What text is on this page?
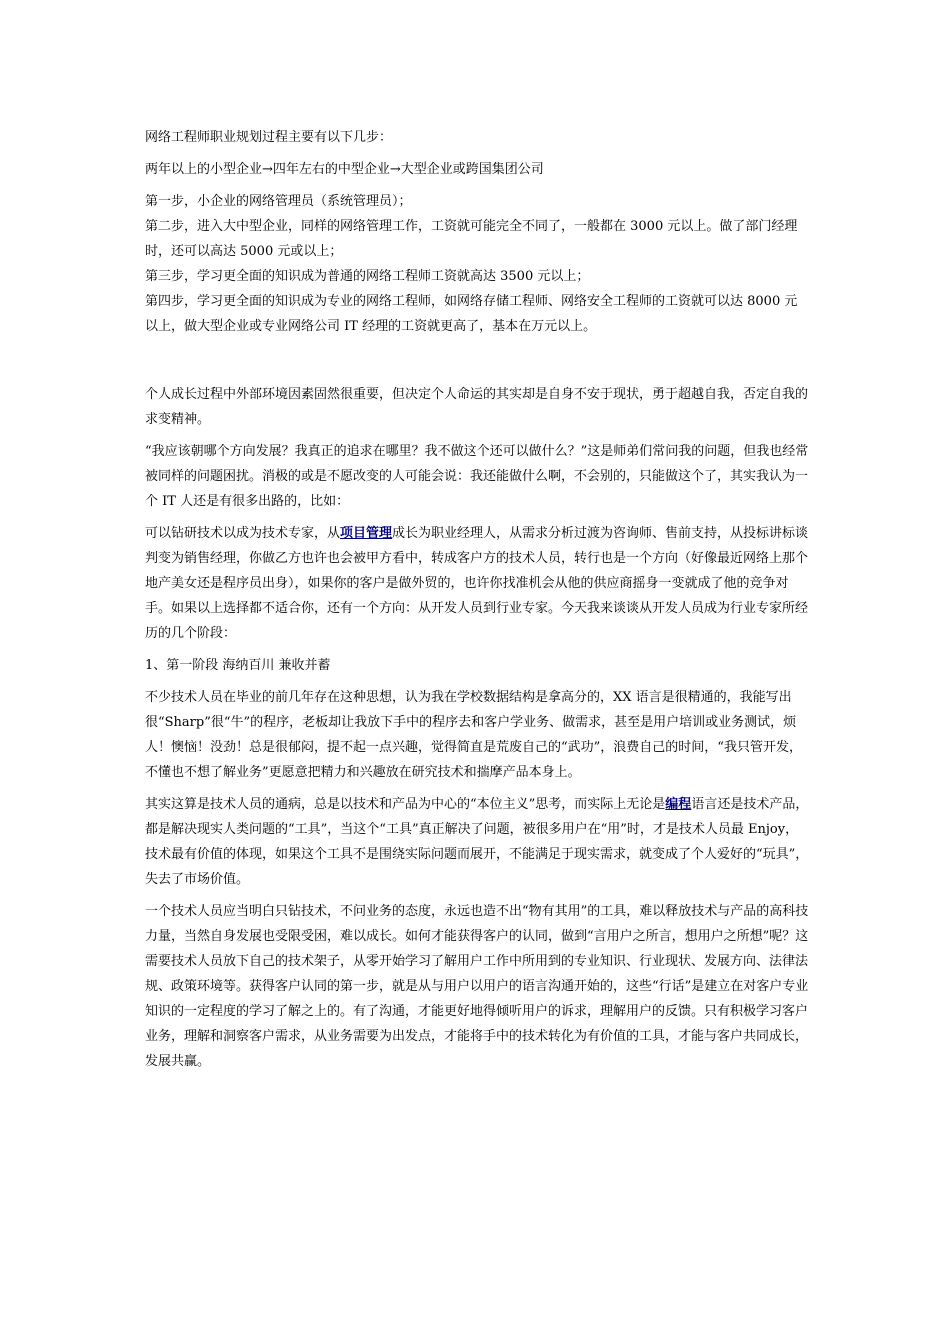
网络工程师职业规划过程主要有以下几步：

两年以上的小型企业→四年左右的中型企业→大型企业或跨国集团公司

第一步，小企业的网络管理员（系统管理员）；

第二步，进入大中型企业，同样的网络管理工作，工资就可能完全不同了，一般都在 3000 元以上。做了部门经理时，还可以高达 5000 元或以上；

第三步，学习更全面的知识成为普通的网络工程师工资就高达 3500 元以上；

第四步，学习更全面的知识成为专业的网络工程师，如网络存储工程师、网络安全工程师的工资就可以达 8000 元以上，做大型企业或专业网络公司 IT 经理的工资就更高了，基本在万元以上。

个人成长过程中外部环境因素固然很重要，但决定个人命运的其实却是自身不安于现状，勇于超越自我，否定自我的求变精神。

“我应该朝哪个方向发展？我真正的追求在哪里？我不做这个还可以做什么？”这是师弟们常问我的问题，但我也经常被同样的问题困扰。消极的或是不愿改变的人可能会说：我还能做什么啊，不会别的，只能做这个了，其实我认为一个 IT 人还是有很多出路的，比如：

可以钻研技术以成为技术专家，从项目管理成长为职业经理人，从需求分析过渡为咨询师、售前支持，从投标讲标谈判变为销售经理，你做乙方也许也会被甲方看中，转成客户方的技术人员，转行也是一个方向（好像最近网络上那个地产美女还是程序员出身），如果你的客户是做外贸的，也许你找准机会从他的供应商摇身一变就成了他的竞争对手。如果以上选择都不适合你，还有一个方向：从开发人员到行业专家。今天我来谈谈从开发人员成为行业专家所经历的几个阶段：

1、第一阶段 海纳百川 兼收并蓄

不少技术人员在毕业的前几年存在这种思想，认为我在学校数据结构是拿高分的，XX 语言是很精通的，我能写出很“Sharp”很“牛”的程序，老板却让我放下手中的程序去和客户学业务、做需求，甚至是用户培训或业务测试，烦人！懊恼！没劲！总是很郁闷，提不起一点兴趣，觉得简直是荒废自己的“武功”，浪费自己的时间，“我只管开发，不懂也不想了解业务”更愿意把精力和兴趣放在研究技术和揣摩产品本身上。

其实这算是技术人员的通病，总是以技术和产品为中心的“本位主义”思考，而实际上无论是编程语言还是技术产品，都是解决现实人类问题的“工具”，当这个“工具”真正解决了问题，被很多用户在“用”时，才是技术人员最 Enjoy，技术最有价值的体现，如果这个工具不是围绕实际问题而展开，不能满足于现实需求，就变成了个人爱好的“玩具”，失去了市场价值。

一个技术人员应当明白只钻技术，不问业务的态度，永远也造不出“物有其用”的工具，难以释放技术与产品的高科技力量，当然自身发展也受限受困，难以成长。如何才能获得客户的认同，做到“言用户之所言，想用户之所想”呢？这需要技术人员放下自己的技术架子，从零开始学习了解用户工作中所用到的专业知识、行业现状、发展方向、法律法规、政策环境等。获得客户认同的第一步，就是从与用户以用户的语言沟通开始的，这些“行话”是建立在对客户专业知识的一定程度的学习了解之上的。有了沟通，才能更好地得倾听用户的诉求，理解用户的反馈。只有积极学习客户业务，理解和洞察客户需求，从业务需要为出发点，才能将手中的技术转化为有价值的工具，才能与客户共同成长，发展共赢。
